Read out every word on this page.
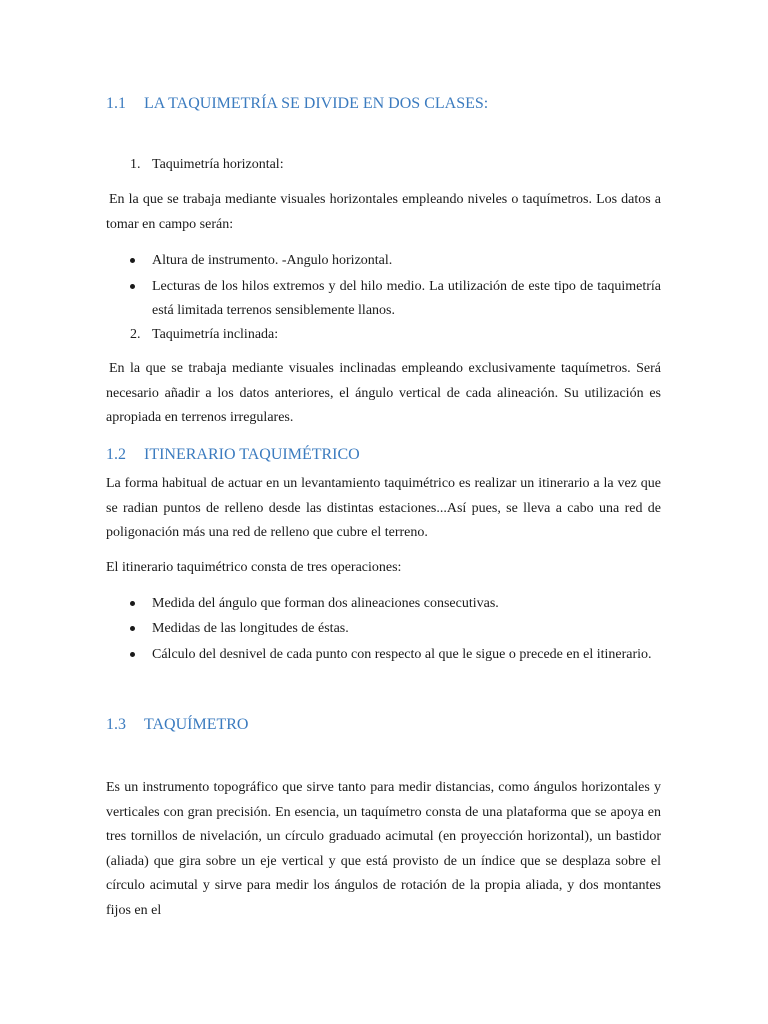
1.1 LA TAQUIMETRÍA SE DIVIDE EN DOS CLASES:
1. Taquimetría horizontal:

En la que se trabaja mediante visuales horizontales empleando niveles o taquímetros. Los datos a tomar en campo serán:

Altura de instrumento. -Angulo horizontal.
Lecturas de los hilos extremos y del hilo medio. La utilización de este tipo de taquimetría está limitada terrenos sensiblemente llanos.
2. Taquimetría inclinada:

En la que se trabaja mediante visuales inclinadas empleando exclusivamente taquímetros. Será necesario añadir a los datos anteriores, el ángulo vertical de cada alineación. Su utilización es apropiada en terrenos irregulares.

1.2 ITINERARIO TAQUIMÉTRICO

La forma habitual de actuar en un levantamiento taquimétrico es realizar un itinerario a la vez que se radian puntos de relleno desde las distintas estaciones...Así pues, se lleva a cabo una red de poligonación más una red de relleno que cubre el terreno.

El itinerario taquimétrico consta de tres operaciones:

Medida del ángulo que forman dos alineaciones consecutivas.
Medidas de las longitudes de éstas.
Cálculo del desnivel de cada punto con respecto al que le sigue o precede en el itinerario.
1.3 TAQUÍMETRO

Es un instrumento topográfico que sirve tanto para medir distancias, como ángulos horizontales y verticales con gran precisión. En esencia, un taquímetro consta de una plataforma que se apoya en tres tornillos de nivelación, un círculo graduado acimutal (en proyección horizontal), un bastidor (aliada) que gira sobre un eje vertical y que está provisto de un índice que se desplaza sobre el círculo acimutal y sirve para medir los ángulos de rotación de la propia aliada, y dos montantes fijos en el
